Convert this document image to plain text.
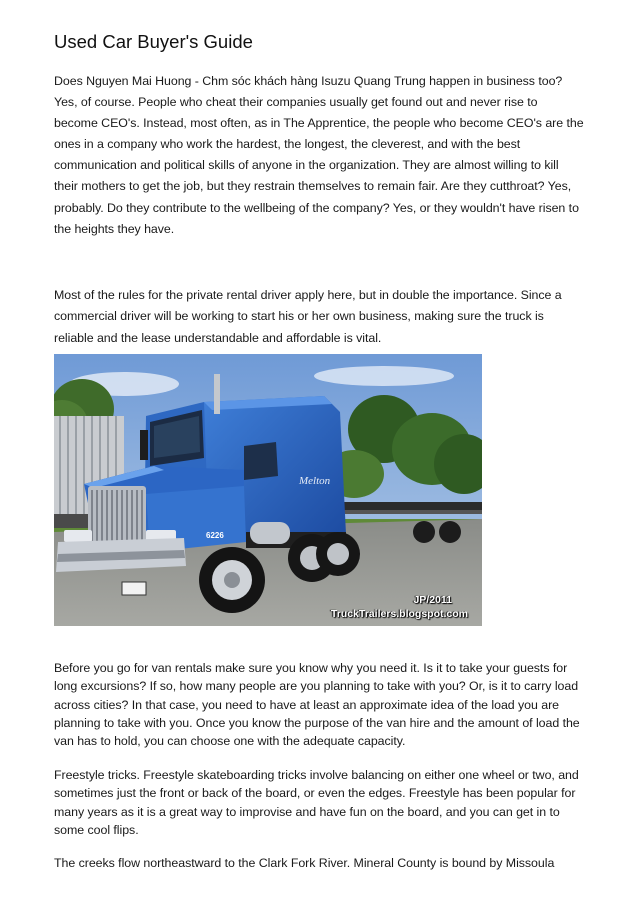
Used Car Buyer's Guide

Does Nguyen Mai Huong - Chm sóc khách hàng Isuzu Quang Trung happen in business too? Yes, of course. People who cheat their companies usually get found out and never rise to become CEO's. Instead, most often, as in The Apprentice, the people who become CEO's are the ones in a company who work the hardest, the longest, the cleverest, and with the best communication and political skills of anyone in the organization. They are almost willing to kill their mothers to get the job, but they restrain themselves to remain fair. Are they cutthroat? Yes, probably. Do they contribute to the wellbeing of the company? Yes, or they wouldn't have risen to the heights they have.

Most of the rules for the private rental driver apply here, but in double the importance. Since a commercial driver will be working to start his or her own business, making sure the truck is reliable and the lease understandable and affordable is vital.

Melton
6226
JP/2011
TruckTrailers.blogspot.com

Before you go for van rentals make sure you know why you need it. Is it to take your guests for long excursions? If so, how many people are you planning to take with you? Or, is it to carry load across cities? In that case, you need to have at least an approximate idea of the load you are planning to take with you. Once you know the purpose of the van hire and the amount of load the van has to hold, you can choose one with the adequate capacity.

Freestyle tricks. Freestyle skateboarding tricks involve balancing on either one wheel or two, and sometimes just the front or back of the board, or even the edges. Freestyle has been popular for many years as it is a great way to improvise and have fun on the board, and you can get in to some cool flips.

The creeks flow northeastward to the Clark Fork River. Mineral County is bound by Missoula
